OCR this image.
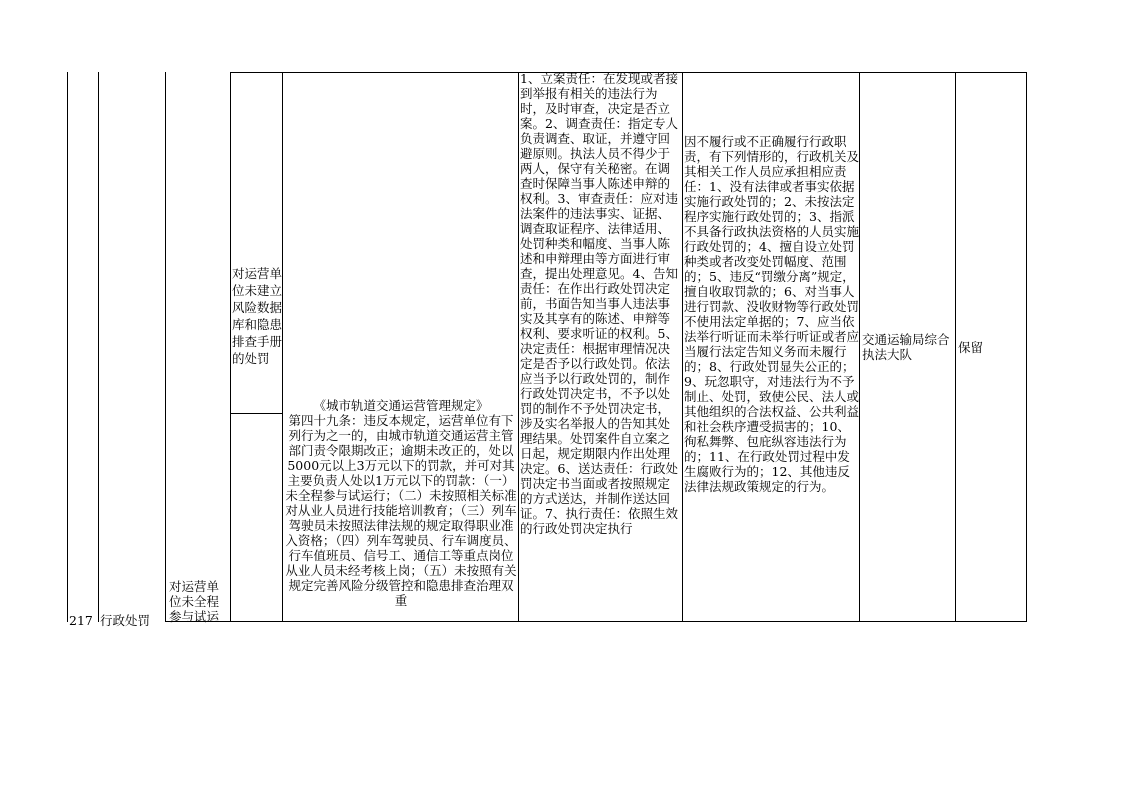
217 行政处罚
对运营单位未全程参与试运
对运营单位未建立风险数据库和隐患排查手册的处罚

《城市轨道交通运营管理规定》

第四十九条：违反本规定，运营单位有下列行为之一的，由城市轨道交通运营主管部门责令限期改正；逾期未改正的，处以5000元以上3万元以下的罚款，并可对其主要负责人处以1万元以下的罚款：（一）未全程参与试运行；（二）未按照相关标准对从业人员进行技能培训教育；（三）列车驾驶员未按照法律法规的规定取得职业准入资格；（四）列车驾驶员、行车调度员、行车值班员、信号工、通信工等重点岗位从业人员未经考核上岗；（五）未按照有关规定完善风险分级管控和隐患排查治理双重

1、立案责任：在发现或者接到举报有相关的违法行为时，及时审查，决定是否立案。2、调查责任：指定专人负责调查、取证，并遵守回避原则。执法人员不得少于两人，保守有关秘密。在调查时保障当事人陈述申辩的权利。3、审查责任：应对违法案件的违法事实、证据、调查取证程序、法律适用、处罚种类和幅度、当事人陈述和申辩理由等方面进行审查，提出处理意见。4、告知责任：在作出行政处罚决定前，书面告知当事人违法事实及其享有的陈述、申辩等权利、要求听证的权利。5、决定责任：根据审理情况决定是否予以行政处罚。依法应当予以行政处罚的，制作行政处罚决定书，不予以处罚的制作不予处罚决定书，涉及实名举报人的告知其处理结果。处罚案件自立案之日起，规定期限内作出处理决定。6、送达责任：行政处罚决定书当面或者按照规定的方式送达，并制作送达回证。7、执行责任：依照生效的行政处罚决定执行
因不履行或不正确履行行政职责，有下列情形的，行政机关及其相关工作人员应承担相应责任：1、没有法律或者事实依据实施行政处罚的；2、未按法定程序实施行政处罚的；3、指派不具备行政执法资格的人员实施行政处罚的；4、擅自设立处罚种类或者改变处罚幅度、范围的；5、违反“罚缴分离”规定，擅自收取罚款的；6、对当事人进行罚款、没收财物等行政处罚不使用法定单据的；7、应当依法举行听证而未举行听证或者应当履行法定告知义务而未履行的；8、行政处罚显失公正的；9、玩忽职守，对违法行为不予制止、处罚，致使公民、法人或其他组织的合法权益、公共利益和社会秩序遭受损害的；10、徇私舞弊、包庇纵容违法行为的；11、在行政处罚过程中发生腐败行为的；12、其他违反法律法规政策规定的行为。
交通运输局综合执法大队	保留
